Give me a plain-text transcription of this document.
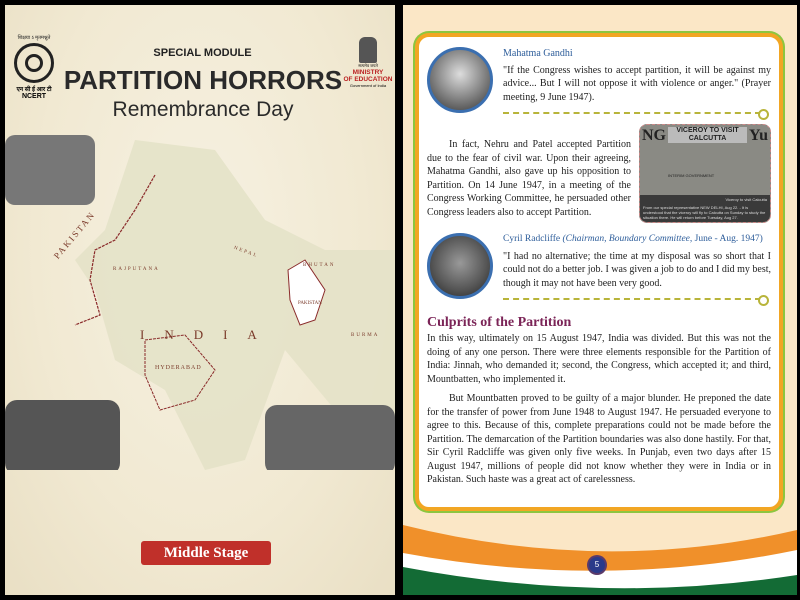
शिक्षया ऽ मृतमश्नुते
एन सी ई आर टी
NCERT
SPECIAL MODULE
PARTITION HORRORS
Remembrance Day
सत्यमेव जयते
MINISTRY
OF EDUCATION
Government of India
PAKISTAN
INDIA
NEPAL
BHUTAN
PAKISTAN
BURMA
HYDERABAD
RAJPUTANA
Middle Stage
Mahatma Gandhi
"If the Congress wishes to accept partition, it will be against my advice... But I will not oppose it with violence or anger." (Prayer meeting, 9 June 1947).
In fact, Nehru and Patel accepted Partition due to the fear of civil war. Upon their agreeing, Mahatma Gandhi, also gave up his opposition to Partition. On 14 June 1947, in a meeting of the Congress Working Committee, he persuaded other Congress leaders also to accept Partition.
NG	VICEROY TO VISIT CALCUTTA
INTERIM GOVERNMENT
Yu
Viceroy to visit Calcutta
From our special representative NEW DELHI, Aug 22. - It is understood that the viceroy will fly to Calcutta on Sunday to study the situation there. He will return before Tuesday, Aug 27.
Cyril Radcliffe (Chairman, Boundary Committee, June - Aug. 1947)
"I had no alternative; the time at my disposal was so short that I could not do a better job. I was given a job to do and I did my best, though it may not have been very good.
Culprits of the Partition
In this way, ultimately on 15 August 1947, India was divided. But this was not the doing of any one person. There were three elements responsible for the Partition of India: Jinnah, who demanded it; second, the Congress, which accepted it; and third, Mountbatten, who implemented it.
But Mountbatten proved to be guilty of a major blunder. He preponed the date for the transfer of power from June 1948 to August 1947. He persuaded everyone to agree to this. Because of this, complete preparations could not be made before the Partition. The demarcation of the Partition boundaries was also done hastily. For that, Sir Cyril Radcliffe was given only five weeks. In Punjab, even two days after 15 August 1947, millions of people did not know whether they were in India or in Pakistan. Such haste was a great act of carelessness.
5
